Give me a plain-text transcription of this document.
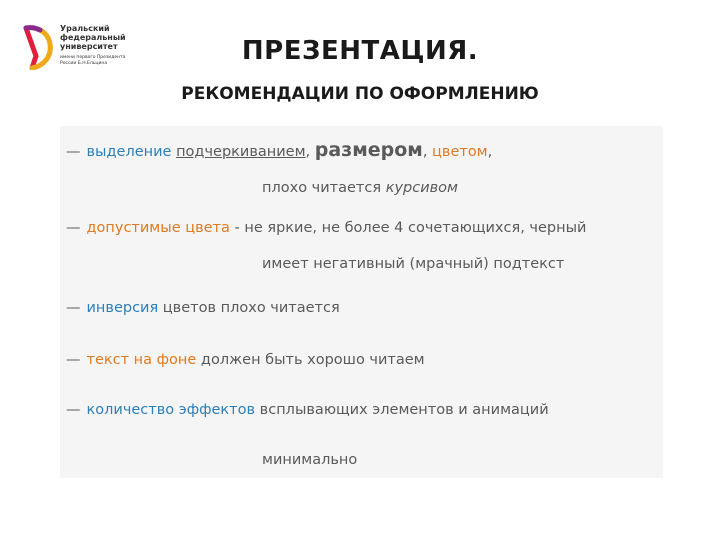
Уральский
федеральный
университет
имени первого Президента
России Б.Н.Ельцина	ПРЕЗЕНТАЦИЯ.
РЕКОМЕНДАЦИИ ПО ОФОРМЛЕНИЮ
— выделение подчеркиванием, размером, цветом,
плохо читается курсивом
— допустимые цвета - не яркие, не более 4 сочетающихся, черный
имеет негативный (мрачный) подтекст
— инверсия цветов плохо читается
— текст на фоне должен быть хорошо читаем
— количество эффектов всплывающих элементов и анимаций
минимально
